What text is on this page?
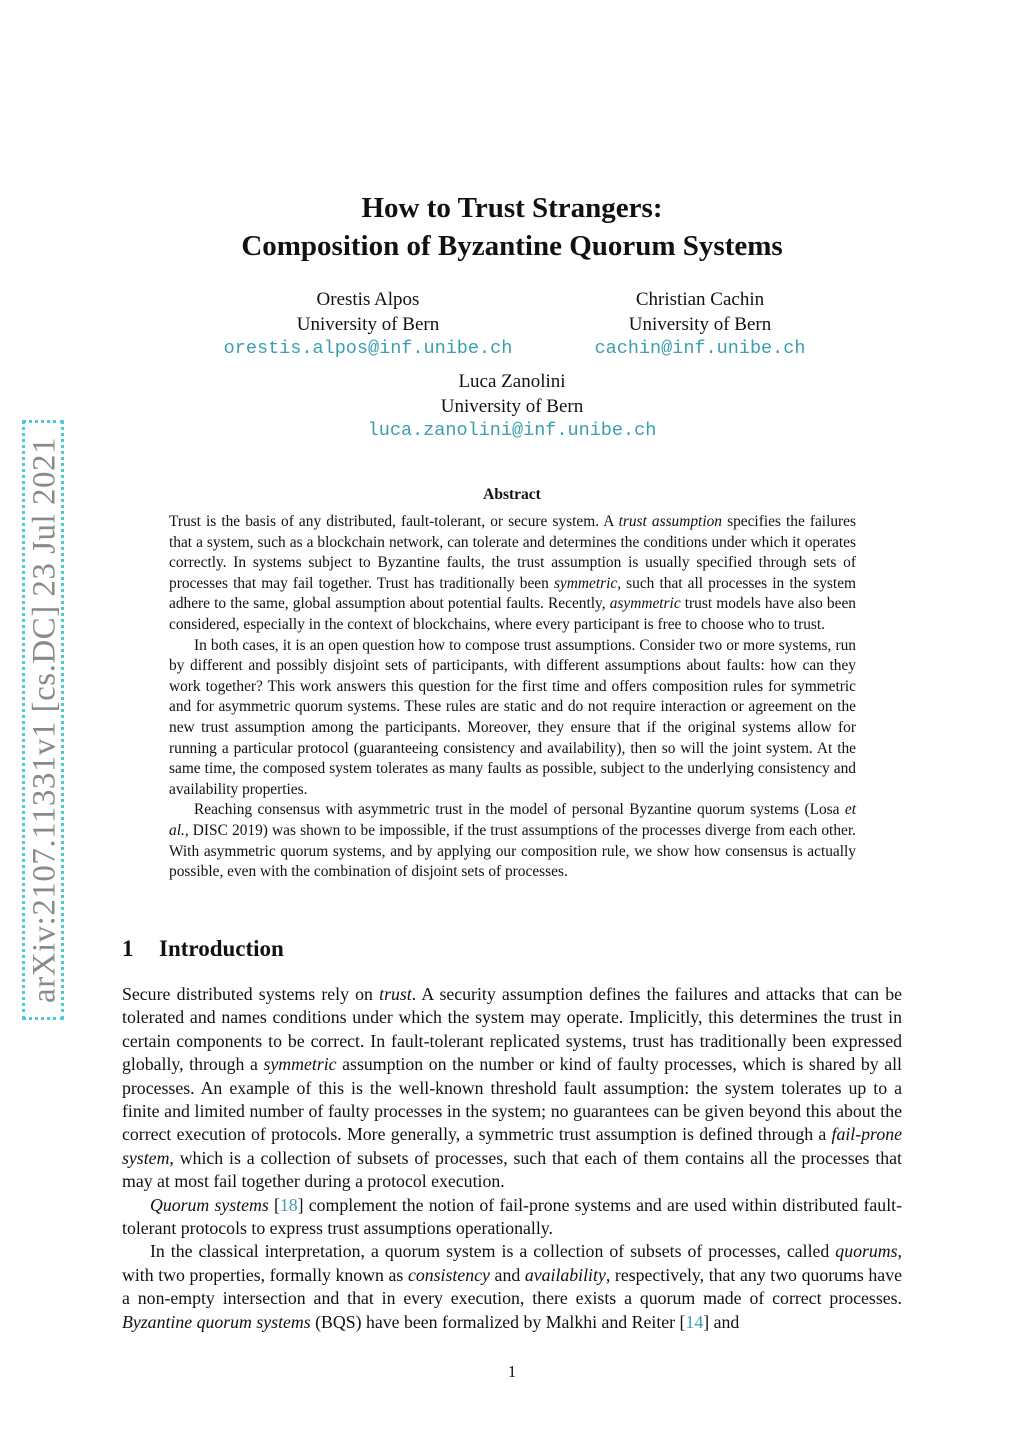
arXiv:2107.11331v1 [cs.DC] 23 Jul 2021
How to Trust Strangers:
Composition of Byzantine Quorum Systems
Orestis Alpos
University of Bern
orestis.alpos@inf.unibe.ch
Christian Cachin
University of Bern
cachin@inf.unibe.ch
Luca Zanolini
University of Bern
luca.zanolini@inf.unibe.ch
Abstract

Trust is the basis of any distributed, fault-tolerant, or secure system. A trust assumption specifies the failures that a system, such as a blockchain network, can tolerate and determines the conditions under which it operates correctly. In systems subject to Byzantine faults, the trust assumption is usually specified through sets of processes that may fail together. Trust has traditionally been symmetric, such that all processes in the system adhere to the same, global assumption about potential faults. Recently, asymmetric trust models have also been considered, especially in the context of blockchains, where every participant is free to choose who to trust.

In both cases, it is an open question how to compose trust assumptions. Consider two or more systems, run by different and possibly disjoint sets of participants, with different assumptions about faults: how can they work together? This work answers this question for the first time and offers composition rules for symmetric and for asymmetric quorum systems. These rules are static and do not require interaction or agreement on the new trust assumption among the participants. Moreover, they ensure that if the original systems allow for running a particular protocol (guaranteeing consistency and availability), then so will the joint system. At the same time, the composed system tolerates as many faults as possible, subject to the underlying consistency and availability properties.

Reaching consensus with asymmetric trust in the model of personal Byzantine quorum systems (Losa et al., DISC 2019) was shown to be impossible, if the trust assumptions of the processes diverge from each other. With asymmetric quorum systems, and by applying our composition rule, we show how consensus is actually possible, even with the combination of disjoint sets of processes.

1 Introduction

Secure distributed systems rely on trust. A security assumption defines the failures and attacks that can be tolerated and names conditions under which the system may operate. Implicitly, this determines the trust in certain components to be correct. In fault-tolerant replicated systems, trust has traditionally been expressed globally, through a symmetric assumption on the number or kind of faulty processes, which is shared by all processes. An example of this is the well-known threshold fault assumption: the system tolerates up to a finite and limited number of faulty processes in the system; no guarantees can be given beyond this about the correct execution of protocols. More generally, a symmetric trust assumption is defined through a fail-prone system, which is a collection of subsets of processes, such that each of them contains all the processes that may at most fail together during a protocol execution.

Quorum systems [18] complement the notion of fail-prone systems and are used within distributed fault-tolerant protocols to express trust assumptions operationally.

In the classical interpretation, a quorum system is a collection of subsets of processes, called quorums, with two properties, formally known as consistency and availability, respectively, that any two quorums have a non-empty intersection and that in every execution, there exists a quorum made of correct processes. Byzantine quorum systems (BQS) have been formalized by Malkhi and Reiter [14] and

1
